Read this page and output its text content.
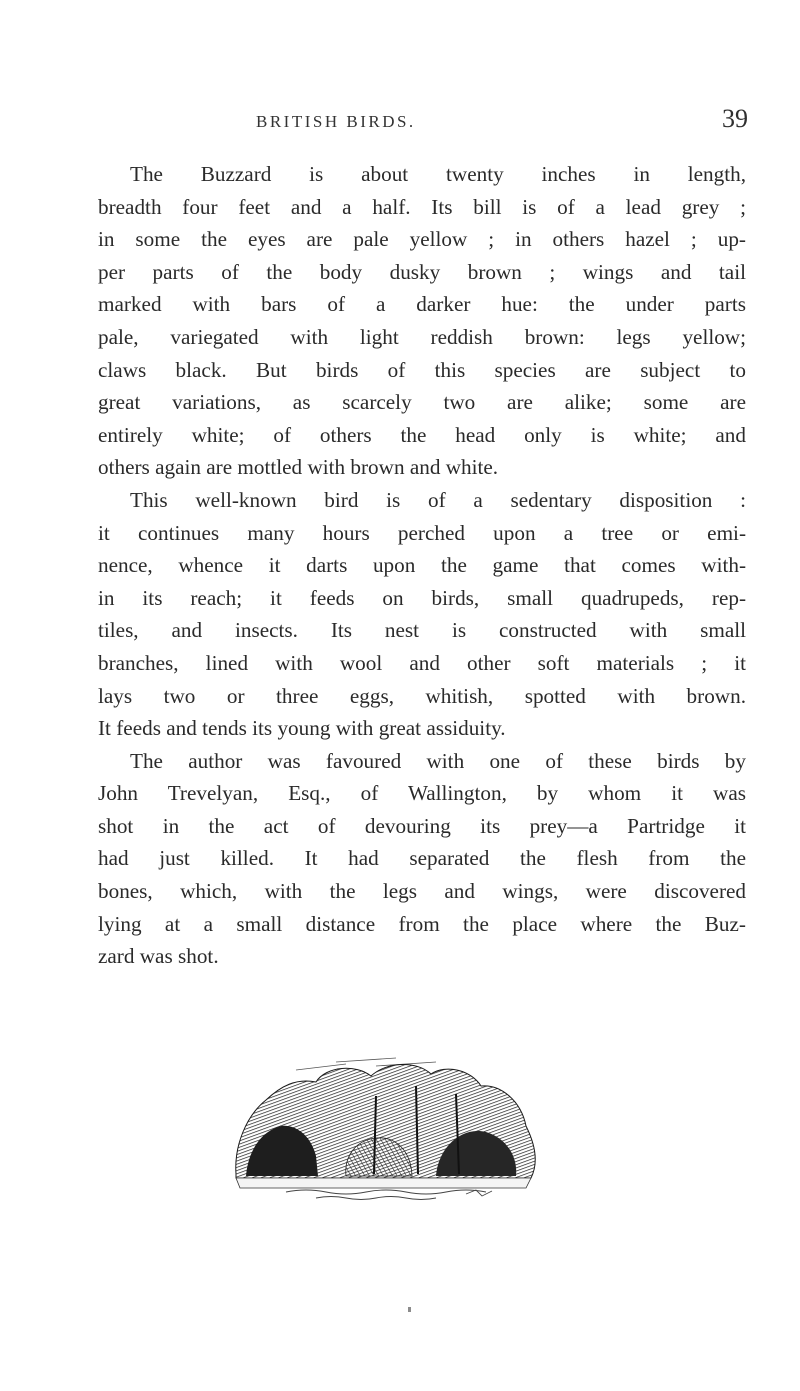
BRITISH BIRDS.	39
The Buzzard is about twenty inches in length,
breadth four feet and a half. Its bill is of a lead grey ;
in some the eyes are pale yellow ; in others hazel ; up-
per parts of the body dusky brown ; wings and tail
marked with bars of a darker hue: the under parts
pale, variegated with light reddish brown: legs yellow;
claws black. But birds of this species are subject to
great variations, as scarcely two are alike; some are
entirely white; of others the head only is white; and
others again are mottled with brown and white.
This well-known bird is of a sedentary disposition :
it continues many hours perched upon a tree or emi-
nence, whence it darts upon the game that comes with-
in its reach; it feeds on birds, small quadrupeds, rep-
tiles, and insects. Its nest is constructed with small
branches, lined with wool and other soft materials ; it
lays two or three eggs, whitish, spotted with brown.
It feeds and tends its young with great assiduity.
The author was favoured with one of these birds by
John Trevelyan, Esq., of Wallington, by whom it was
shot in the act of devouring its prey—a Partridge it
had just killed. It had separated the flesh from the
bones, which, with the legs and wings, were discovered
lying at a small distance from the place where the Buz-
zard was shot.
